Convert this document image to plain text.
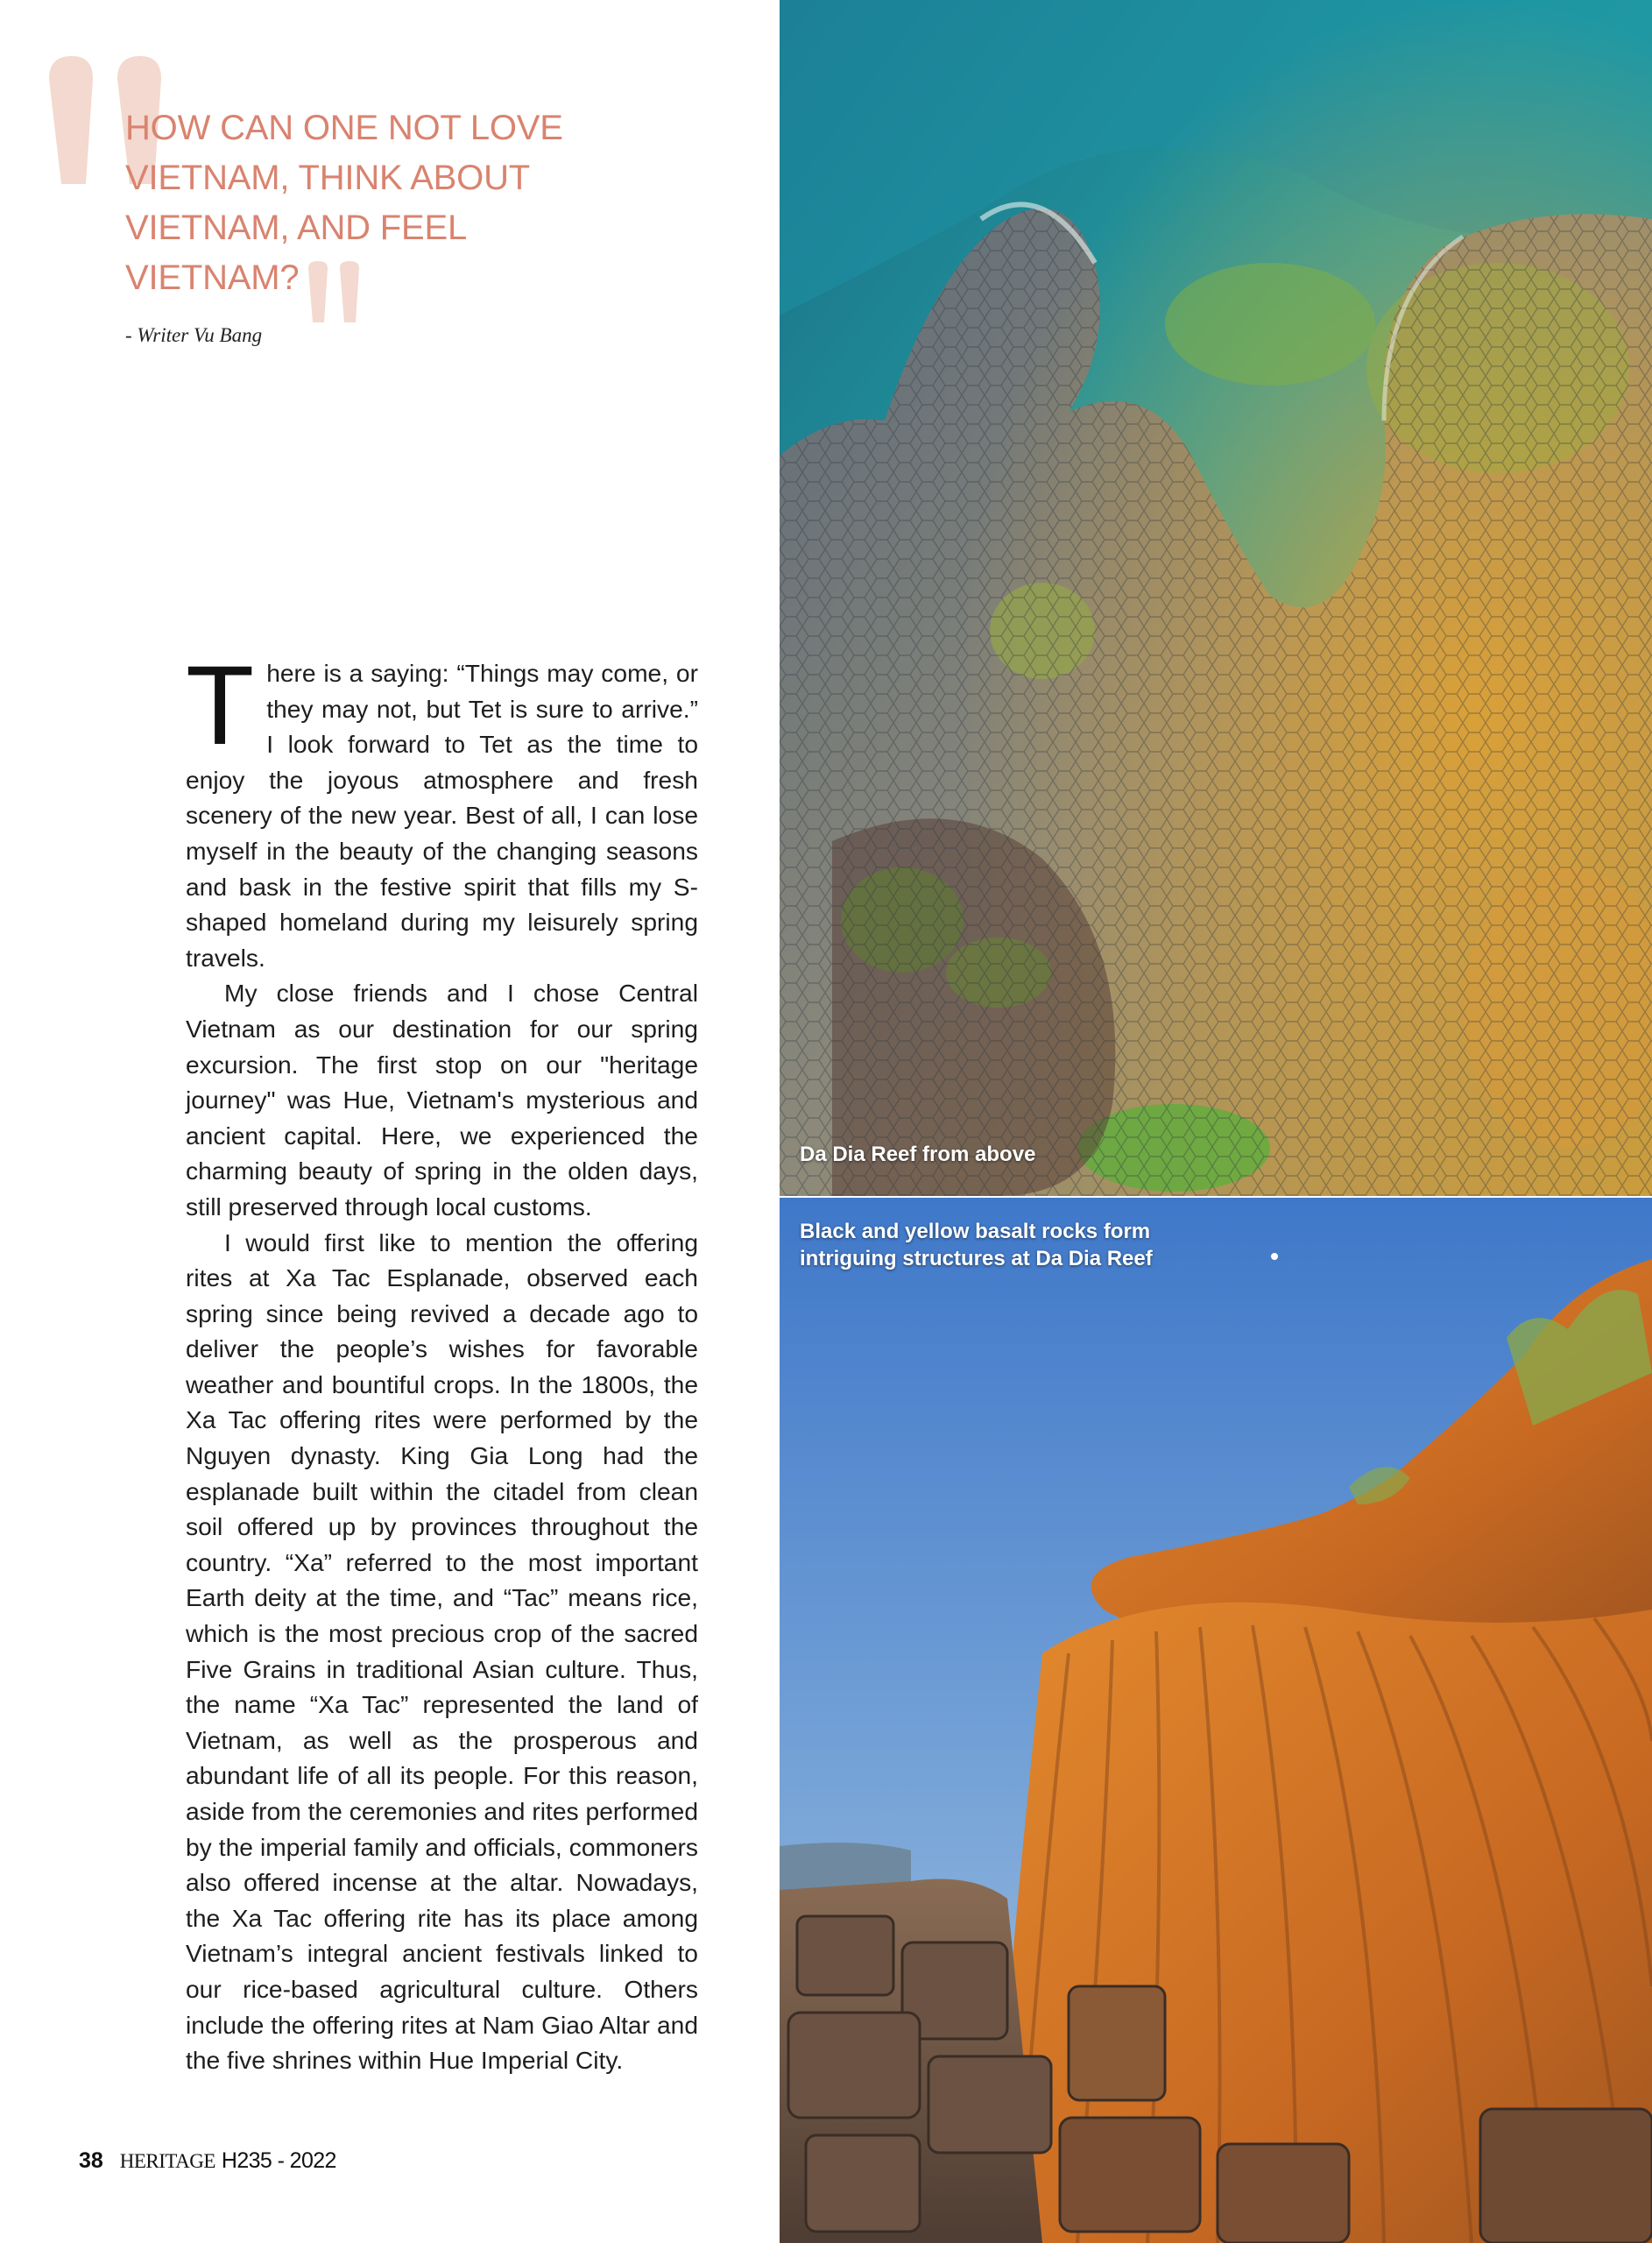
HOW CAN ONE NOT LOVE
VIETNAM, THINK ABOUT
VIETNAM, AND FEEL
VIETNAM?
- Writer Vu Bang

There is a saying: “Things may come, or they may not, but Tet is sure to arrive.” I look forward to Tet as the time to enjoy the joyous atmosphere and fresh scenery of the new year. Best of all, I can lose myself in the beauty of the changing seasons and bask in the festive spirit that fills my S-shaped homeland during my leisurely spring travels.

My close friends and I chose Central Vietnam as our destination for our spring excursion. The first stop on our "heritage journey" was Hue, Vietnam's mysterious and ancient capital. Here, we experienced the charming beauty of spring in the olden days, still preserved through local customs.

I would first like to mention the offering rites at Xa Tac Esplanade, observed each spring since being revived a decade ago to deliver the people’s wishes for favorable weather and bountiful crops. In the 1800s, the Xa Tac offering rites were performed by the Nguyen dynasty. King Gia Long had the esplanade built within the citadel from clean soil offered up by provinces throughout the country. “Xa” referred to the most important Earth deity at the time, and “Tac” means rice, which is the most precious crop of the sacred Five Grains in traditional Asian culture. Thus, the name “Xa Tac” represented the land of Vietnam, as well as the prosperous and abundant life of all its people. For this reason, aside from the ceremonies and rites performed by the imperial family and officials, commoners also offered incense at the altar. Nowadays, the Xa Tac offering rite has its place among Vietnam’s integral ancient festivals linked to our rice-based agricultural culture. Others include the offering rites at Nam Giao Altar and the five shrines within Hue Imperial City.

38 HERITAGE H235 - 2022
Da Dia Reef from above
Black and yellow basalt rocks form intriguing structures at Da Dia Reef
